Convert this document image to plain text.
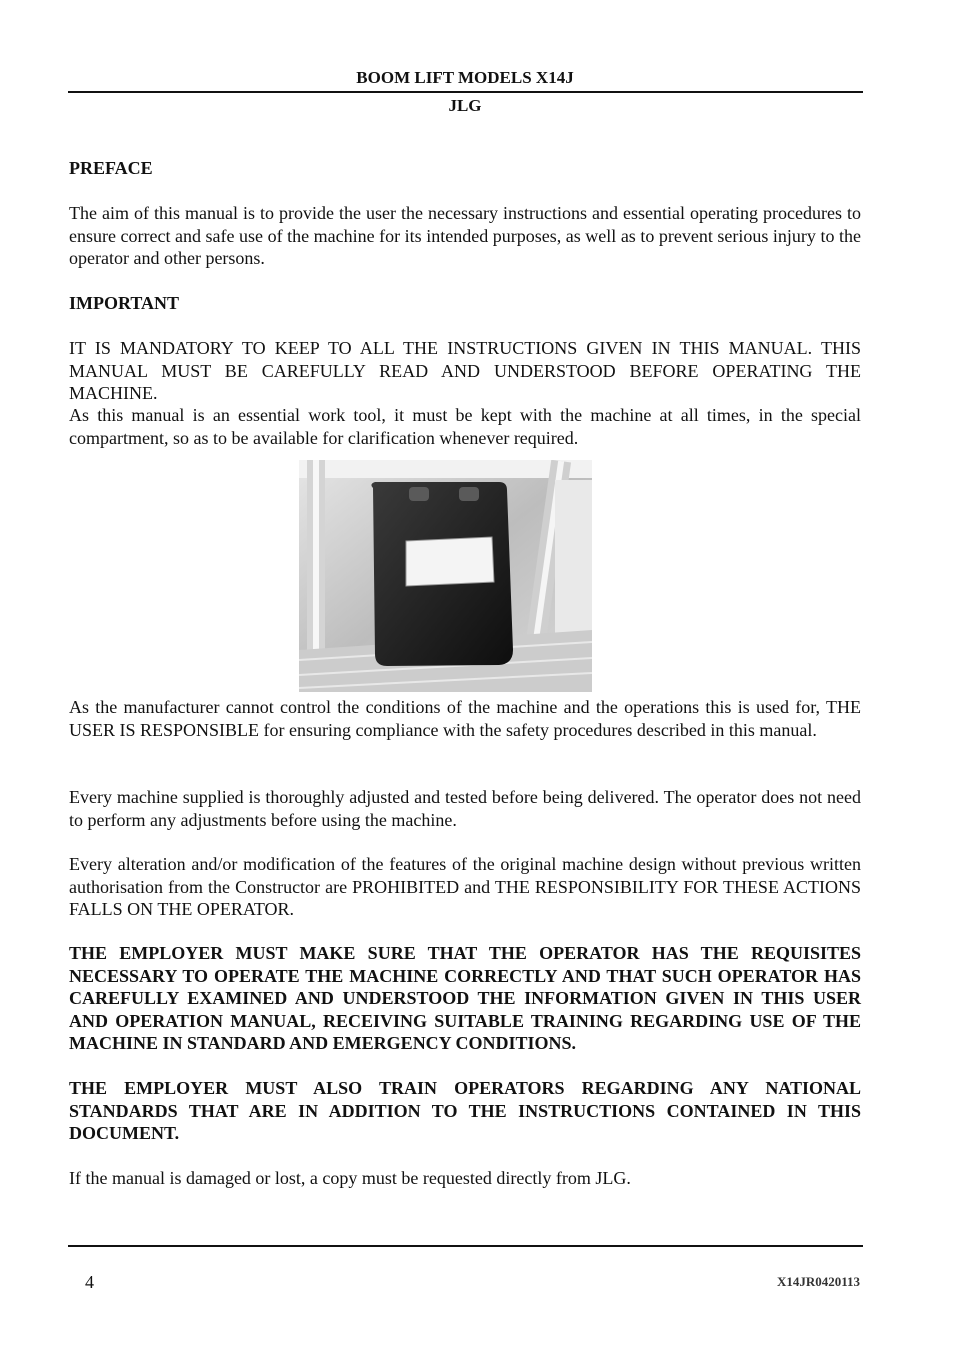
BOOM LIFT MODELS X14J
JLG
PREFACE
The aim of this manual is to provide the user the necessary instructions and essential operating procedures to ensure correct and safe use of the machine for its intended purposes, as well as to prevent serious injury to the operator and other persons.
IMPORTANT
IT IS MANDATORY TO KEEP TO ALL THE INSTRUCTIONS GIVEN IN THIS MANUAL. THIS MANUAL MUST BE CAREFULLY READ AND UNDERSTOOD BEFORE OPERATING THE MACHINE.
As this manual is an essential work tool, it must be kept with the machine at all times, in the special compartment, so as to be available for clarification whenever required.
As the manufacturer cannot control the conditions of the machine and the operations this is used for, THE USER IS RESPONSIBLE for ensuring compliance with the safety procedures described in this manual.
Every machine supplied is thoroughly adjusted and tested before being delivered. The operator does not need to perform any adjustments before using the machine.
Every alteration and/or modification of the features of the original machine design without previous written authorisation from the Constructor are PROHIBITED and THE RESPONSIBILITY FOR THESE ACTIONS FALLS ON THE OPERATOR.
THE EMPLOYER MUST MAKE SURE THAT THE OPERATOR HAS THE REQUISITES NECESSARY TO OPERATE THE MACHINE CORRECTLY AND THAT SUCH OPERATOR HAS CAREFULLY EXAMINED AND UNDERSTOOD THE INFORMATION GIVEN IN THIS USER AND OPERATION MANUAL, RECEIVING SUITABLE TRAINING REGARDING USE OF THE MACHINE IN STANDARD AND EMERGENCY CONDITIONS.
THE EMPLOYER MUST ALSO TRAIN OPERATORS REGARDING ANY NATIONAL STANDARDS THAT ARE IN ADDITION TO THE INSTRUCTIONS CONTAINED IN THIS DOCUMENT.
If the manual is damaged or lost, a copy must be requested directly from JLG.
4	X14JR0420113
